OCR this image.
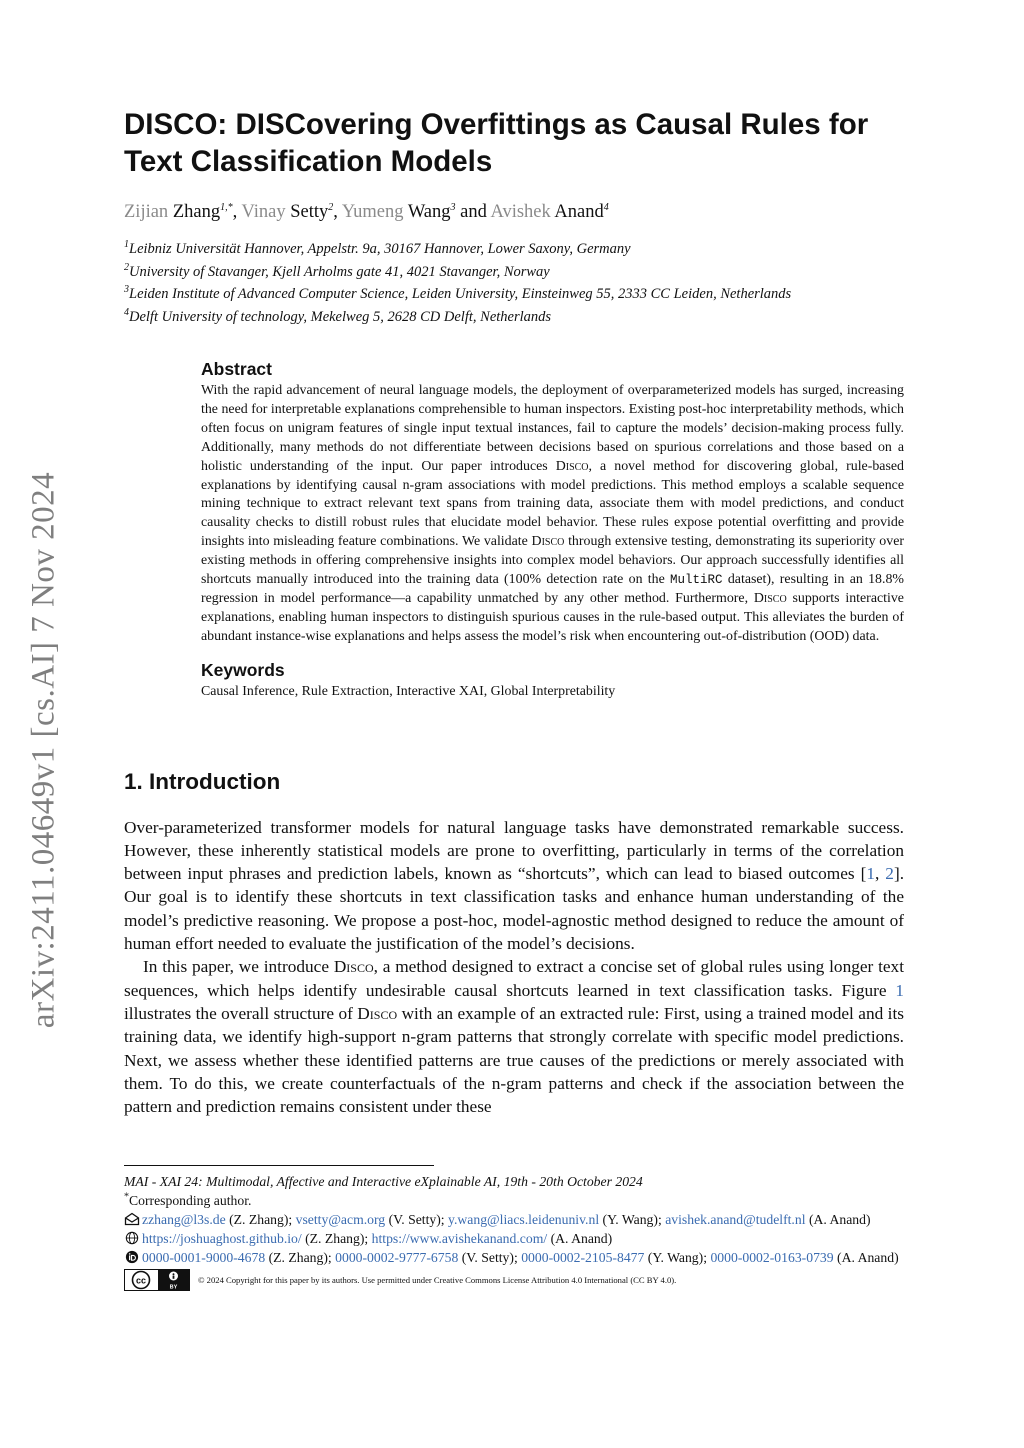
arXiv:2411.04649v1 [cs.AI] 7 Nov 2024
DISCO: DISCovering Overfittings as Causal Rules for Text Classification Models
Zijian Zhang$^{1,*}$, Vinay Setty$^2$, Yumeng Wang$^3$ and Avishek Anand$^4$
$^1$Leibniz Universität Hannover, Appelstr. 9a, 30167 Hannover, Lower Saxony, Germany
$^2$University of Stavanger, Kjell Arholms gate 41, 4021 Stavanger, Norway
$^3$Leiden Institute of Advanced Computer Science, Leiden University, Einsteinweg 55, 2333 CC Leiden, Netherlands
$^4$Delft University of technology, Mekelweg 5, 2628 CD Delft, Netherlands
Abstract

With the rapid advancement of neural language models, the deployment of overparameterized models has surged, increasing the need for interpretable explanations comprehensible to human inspectors. Existing post-hoc interpretability methods, which often focus on unigram features of single input textual instances, fail to capture the models’ decision-making process fully. Additionally, many methods do not differentiate between decisions based on spurious correlations and those based on a holistic understanding of the input. Our paper introduces Disco, a novel method for discovering global, rule-based explanations by identifying causal n-gram associations with model predictions. This method employs a scalable sequence mining technique to extract relevant text spans from training data, associate them with model predictions, and conduct causality checks to distill robust rules that elucidate model behavior. These rules expose potential overfitting and provide insights into misleading feature combinations. We validate Disco through extensive testing, demonstrating its superiority over existing methods in offering comprehensive insights into complex model behaviors. Our approach successfully identifies all shortcuts manually introduced into the training data (100% detection rate on the MultiRC dataset), resulting in an 18.8% regression in model performance—a capability unmatched by any other method. Furthermore, Disco supports interactive explanations, enabling human inspectors to distinguish spurious causes in the rule-based output. This alleviates the burden of abundant instance-wise explanations and helps assess the model’s risk when encountering out-of-distribution (OOD) data.

Keywords

Causal Inference, Rule Extraction, Interactive XAI, Global Interpretability

1. Introduction

Over-parameterized transformer models for natural language tasks have demonstrated remarkable success. However, these inherently statistical models are prone to overfitting, particularly in terms of the correlation between input phrases and prediction labels, known as “shortcuts”, which can lead to biased outcomes [1, 2]. Our goal is to identify these shortcuts in text classification tasks and enhance human understanding of the model’s predictive reasoning. We propose a post-hoc, model-agnostic method designed to reduce the amount of human effort needed to evaluate the justification of the model’s decisions.

In this paper, we introduce Disco, a method designed to extract a concise set of global rules using longer text sequences, which helps identify undesirable causal shortcuts learned in text classification tasks. Figure 1 illustrates the overall structure of Disco with an example of an extracted rule: First, using a trained model and its training data, we identify high-support n-gram patterns that strongly correlate with specific model predictions. Next, we assess whether these identified patterns are true causes of the predictions or merely associated with them. To do this, we create counterfactuals of the n-gram patterns and check if the association between the pattern and prediction remains consistent under these

MAI - XAI 24: Multimodal, Affective and Interactive eXplainable AI, 19th - 20th October 2024
*Corresponding author.
zzhang@l3s.de (Z. Zhang); vsetty@acm.org (V. Setty); y.wang@liacs.leidenuniv.nl (Y. Wang); avishek.anand@tudelft.nl (A. Anand)
https://joshuaghost.github.io/ (Z. Zhang); https://www.avishekanand.com/ (A. Anand)
0000-0001-9000-4678 (Z. Zhang); 0000-0002-9777-6758 (V. Setty); 0000-0002-2105-8477 (Y. Wang); 0000-0002-0163-0739 (A. Anand)
cc
BY
© 2024 Copyright for this paper by its authors. Use permitted under Creative Commons License Attribution 4.0 International (CC BY 4.0).
